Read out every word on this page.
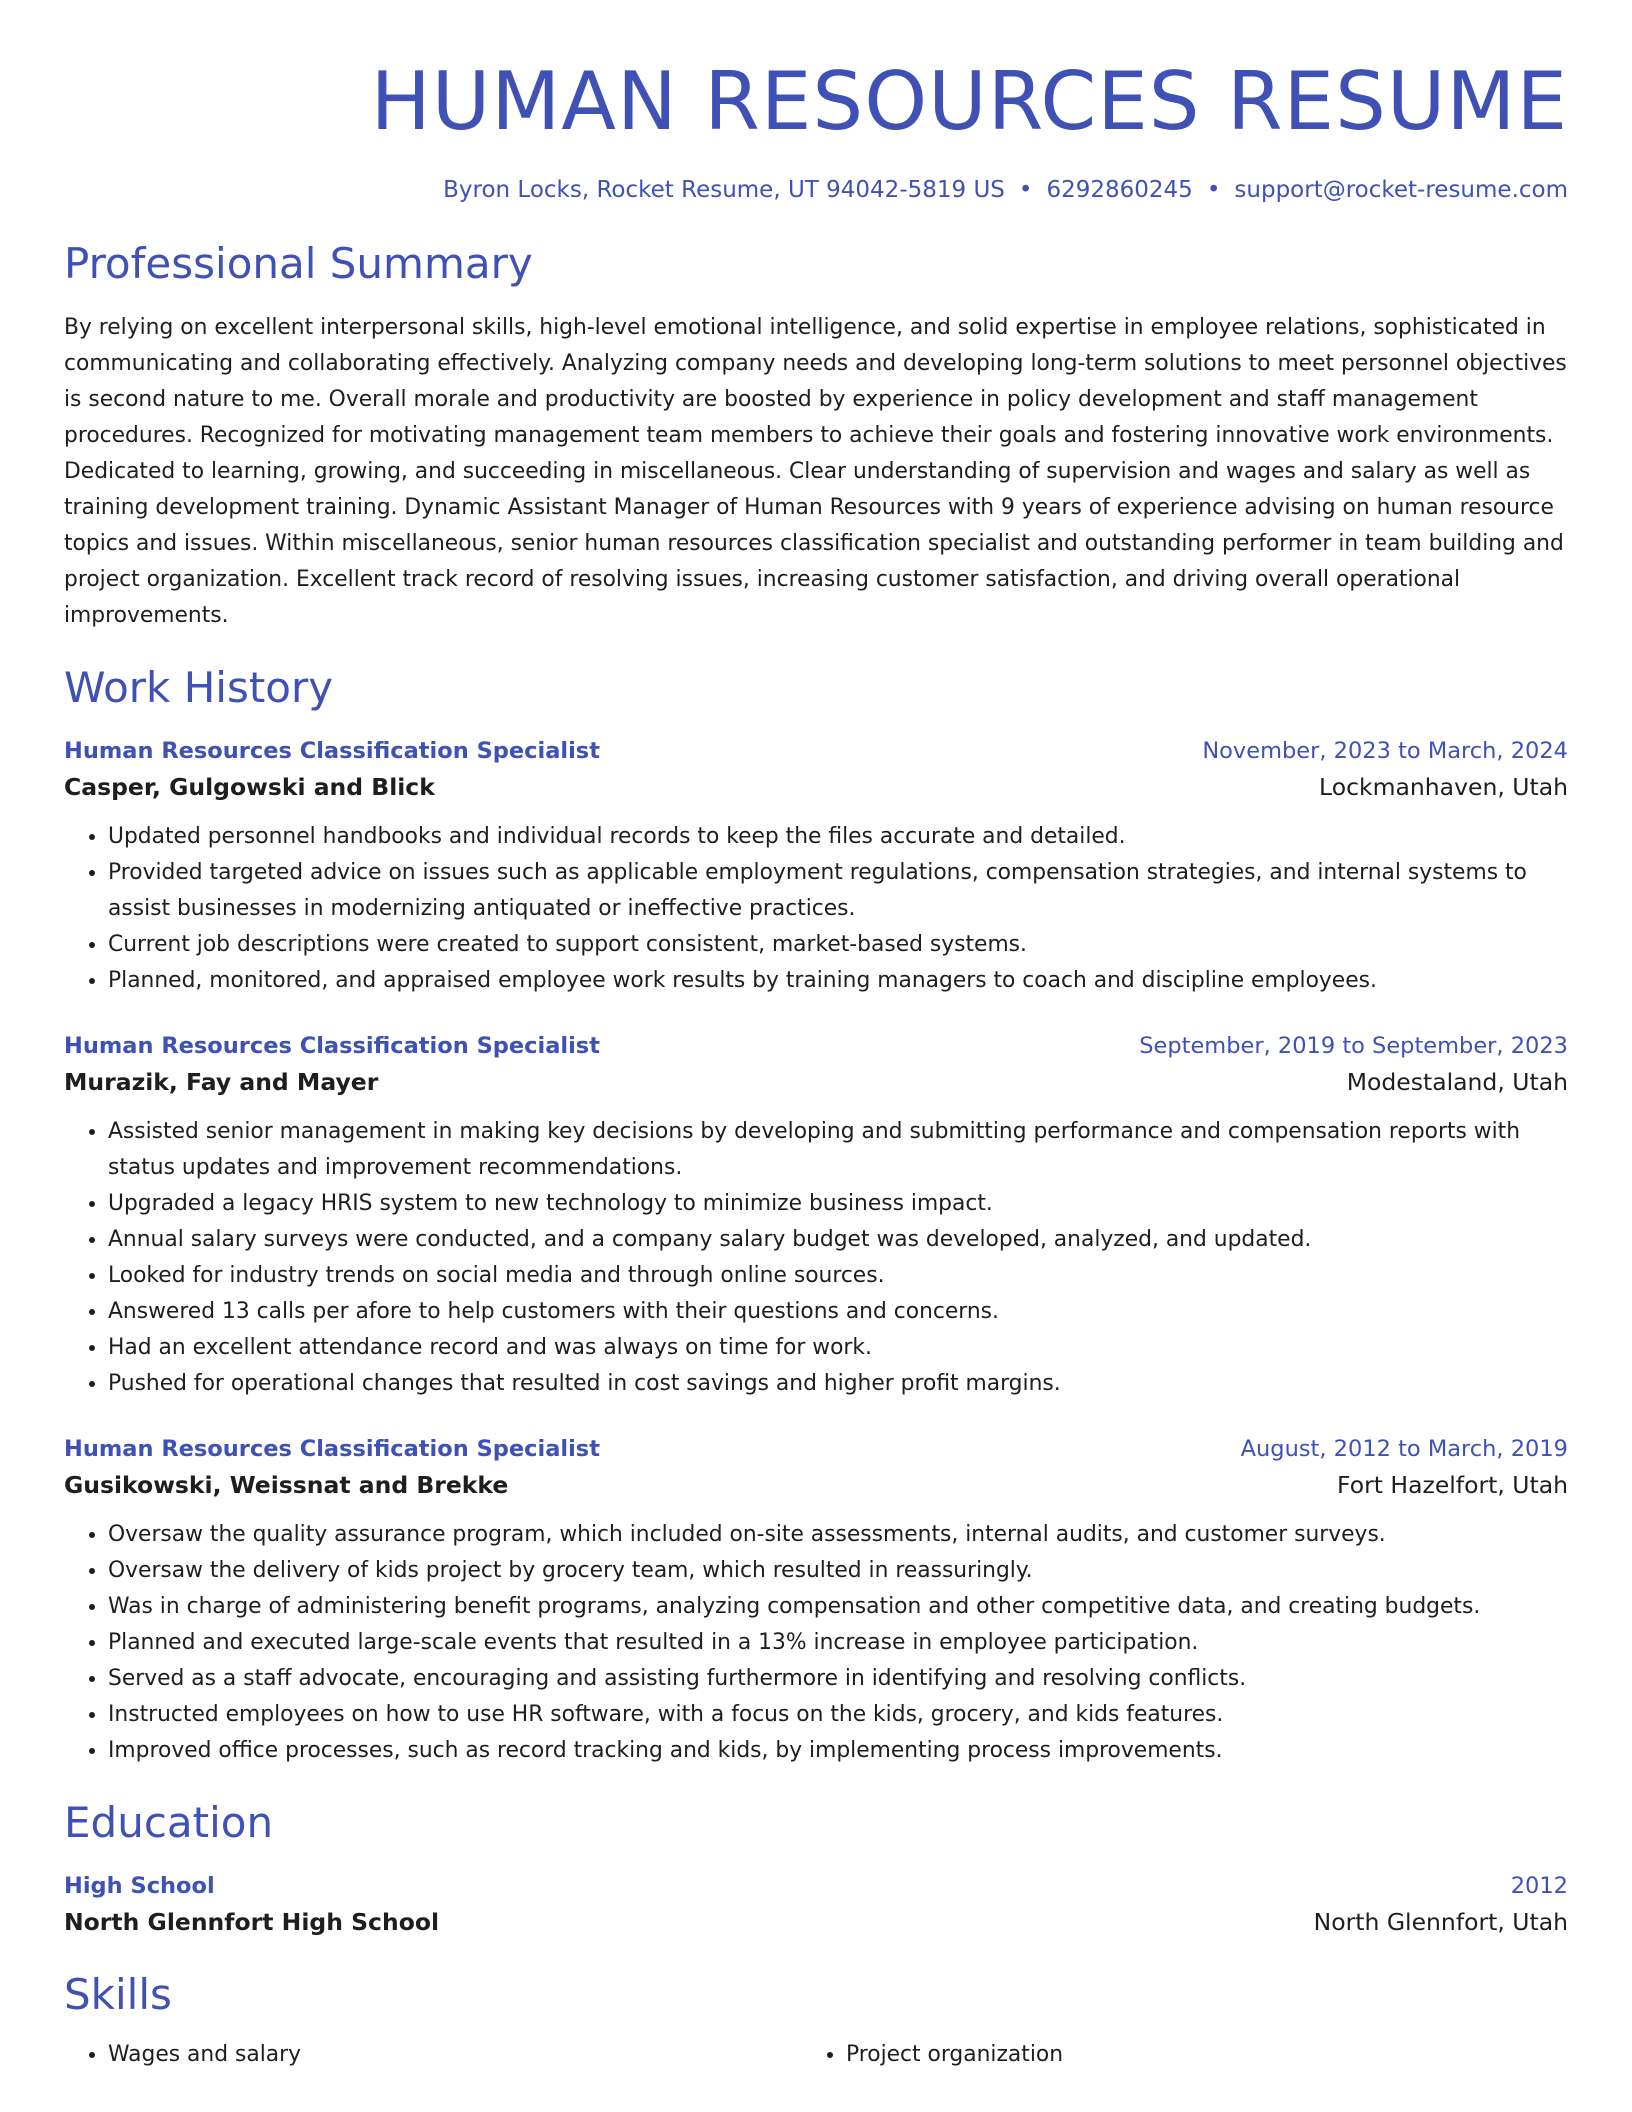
HUMAN RESOURCES RESUME
Byron Locks, Rocket Resume, UT 94042-5819 US • 6292860245 • support@rocket-resume.com
Professional Summary

By relying on excellent interpersonal skills, high-level emotional intelligence, and solid expertise in employee relations, sophisticated in communicating and collaborating effectively. Analyzing company needs and developing long-term solutions to meet personnel objectives is second nature to me. Overall morale and productivity are boosted by experience in policy development and staff management procedures. Recognized for motivating management team members to achieve their goals and fostering innovative work environments. Dedicated to learning, growing, and succeeding in miscellaneous. Clear understanding of supervision and wages and salary as well as training development training. Dynamic Assistant Manager of Human Resources with 9 years of experience advising on human resource topics and issues. Within miscellaneous, senior human resources classification specialist and outstanding performer in team building and project organization. Excellent track record of resolving issues, increasing customer satisfaction, and driving overall operational improvements.

Work History
Human Resources Classification Specialist	November, 2023 to March, 2024
Casper, Gulgowski and Blick	Lockmanhaven, Utah
• Updated personnel handbooks and individual records to keep the files accurate and detailed.
• Provided targeted advice on issues such as applicable employment regulations, compensation strategies, and internal systems to assist businesses in modernizing antiquated or ineffective practices.
• Current job descriptions were created to support consistent, market-based systems.
• Planned, monitored, and appraised employee work results by training managers to coach and discipline employees.
Human Resources Classification Specialist	September, 2019 to September, 2023
Murazik, Fay and Mayer	Modestaland, Utah
• Assisted senior management in making key decisions by developing and submitting performance and compensation reports with status updates and improvement recommendations.
• Upgraded a legacy HRIS system to new technology to minimize business impact.
• Annual salary surveys were conducted, and a company salary budget was developed, analyzed, and updated.
• Looked for industry trends on social media and through online sources.
• Answered 13 calls per afore to help customers with their questions and concerns.
• Had an excellent attendance record and was always on time for work.
• Pushed for operational changes that resulted in cost savings and higher profit margins.
Human Resources Classification Specialist	August, 2012 to March, 2019
Gusikowski, Weissnat and Brekke	Fort Hazelfort, Utah
• Oversaw the quality assurance program, which included on-site assessments, internal audits, and customer surveys.
• Oversaw the delivery of kids project by grocery team, which resulted in reassuringly.
• Was in charge of administering benefit programs, analyzing compensation and other competitive data, and creating budgets.
• Planned and executed large-scale events that resulted in a 13% increase in employee participation.
• Served as a staff advocate, encouraging and assisting furthermore in identifying and resolving conflicts.
• Instructed employees on how to use HR software, with a focus on the kids, grocery, and kids features.
• Improved office processes, such as record tracking and kids, by implementing process improvements.
Education
High School	2012
North Glennfort High School	North Glennfort, Utah
Skills
• Wages and salary
•	Project organization
